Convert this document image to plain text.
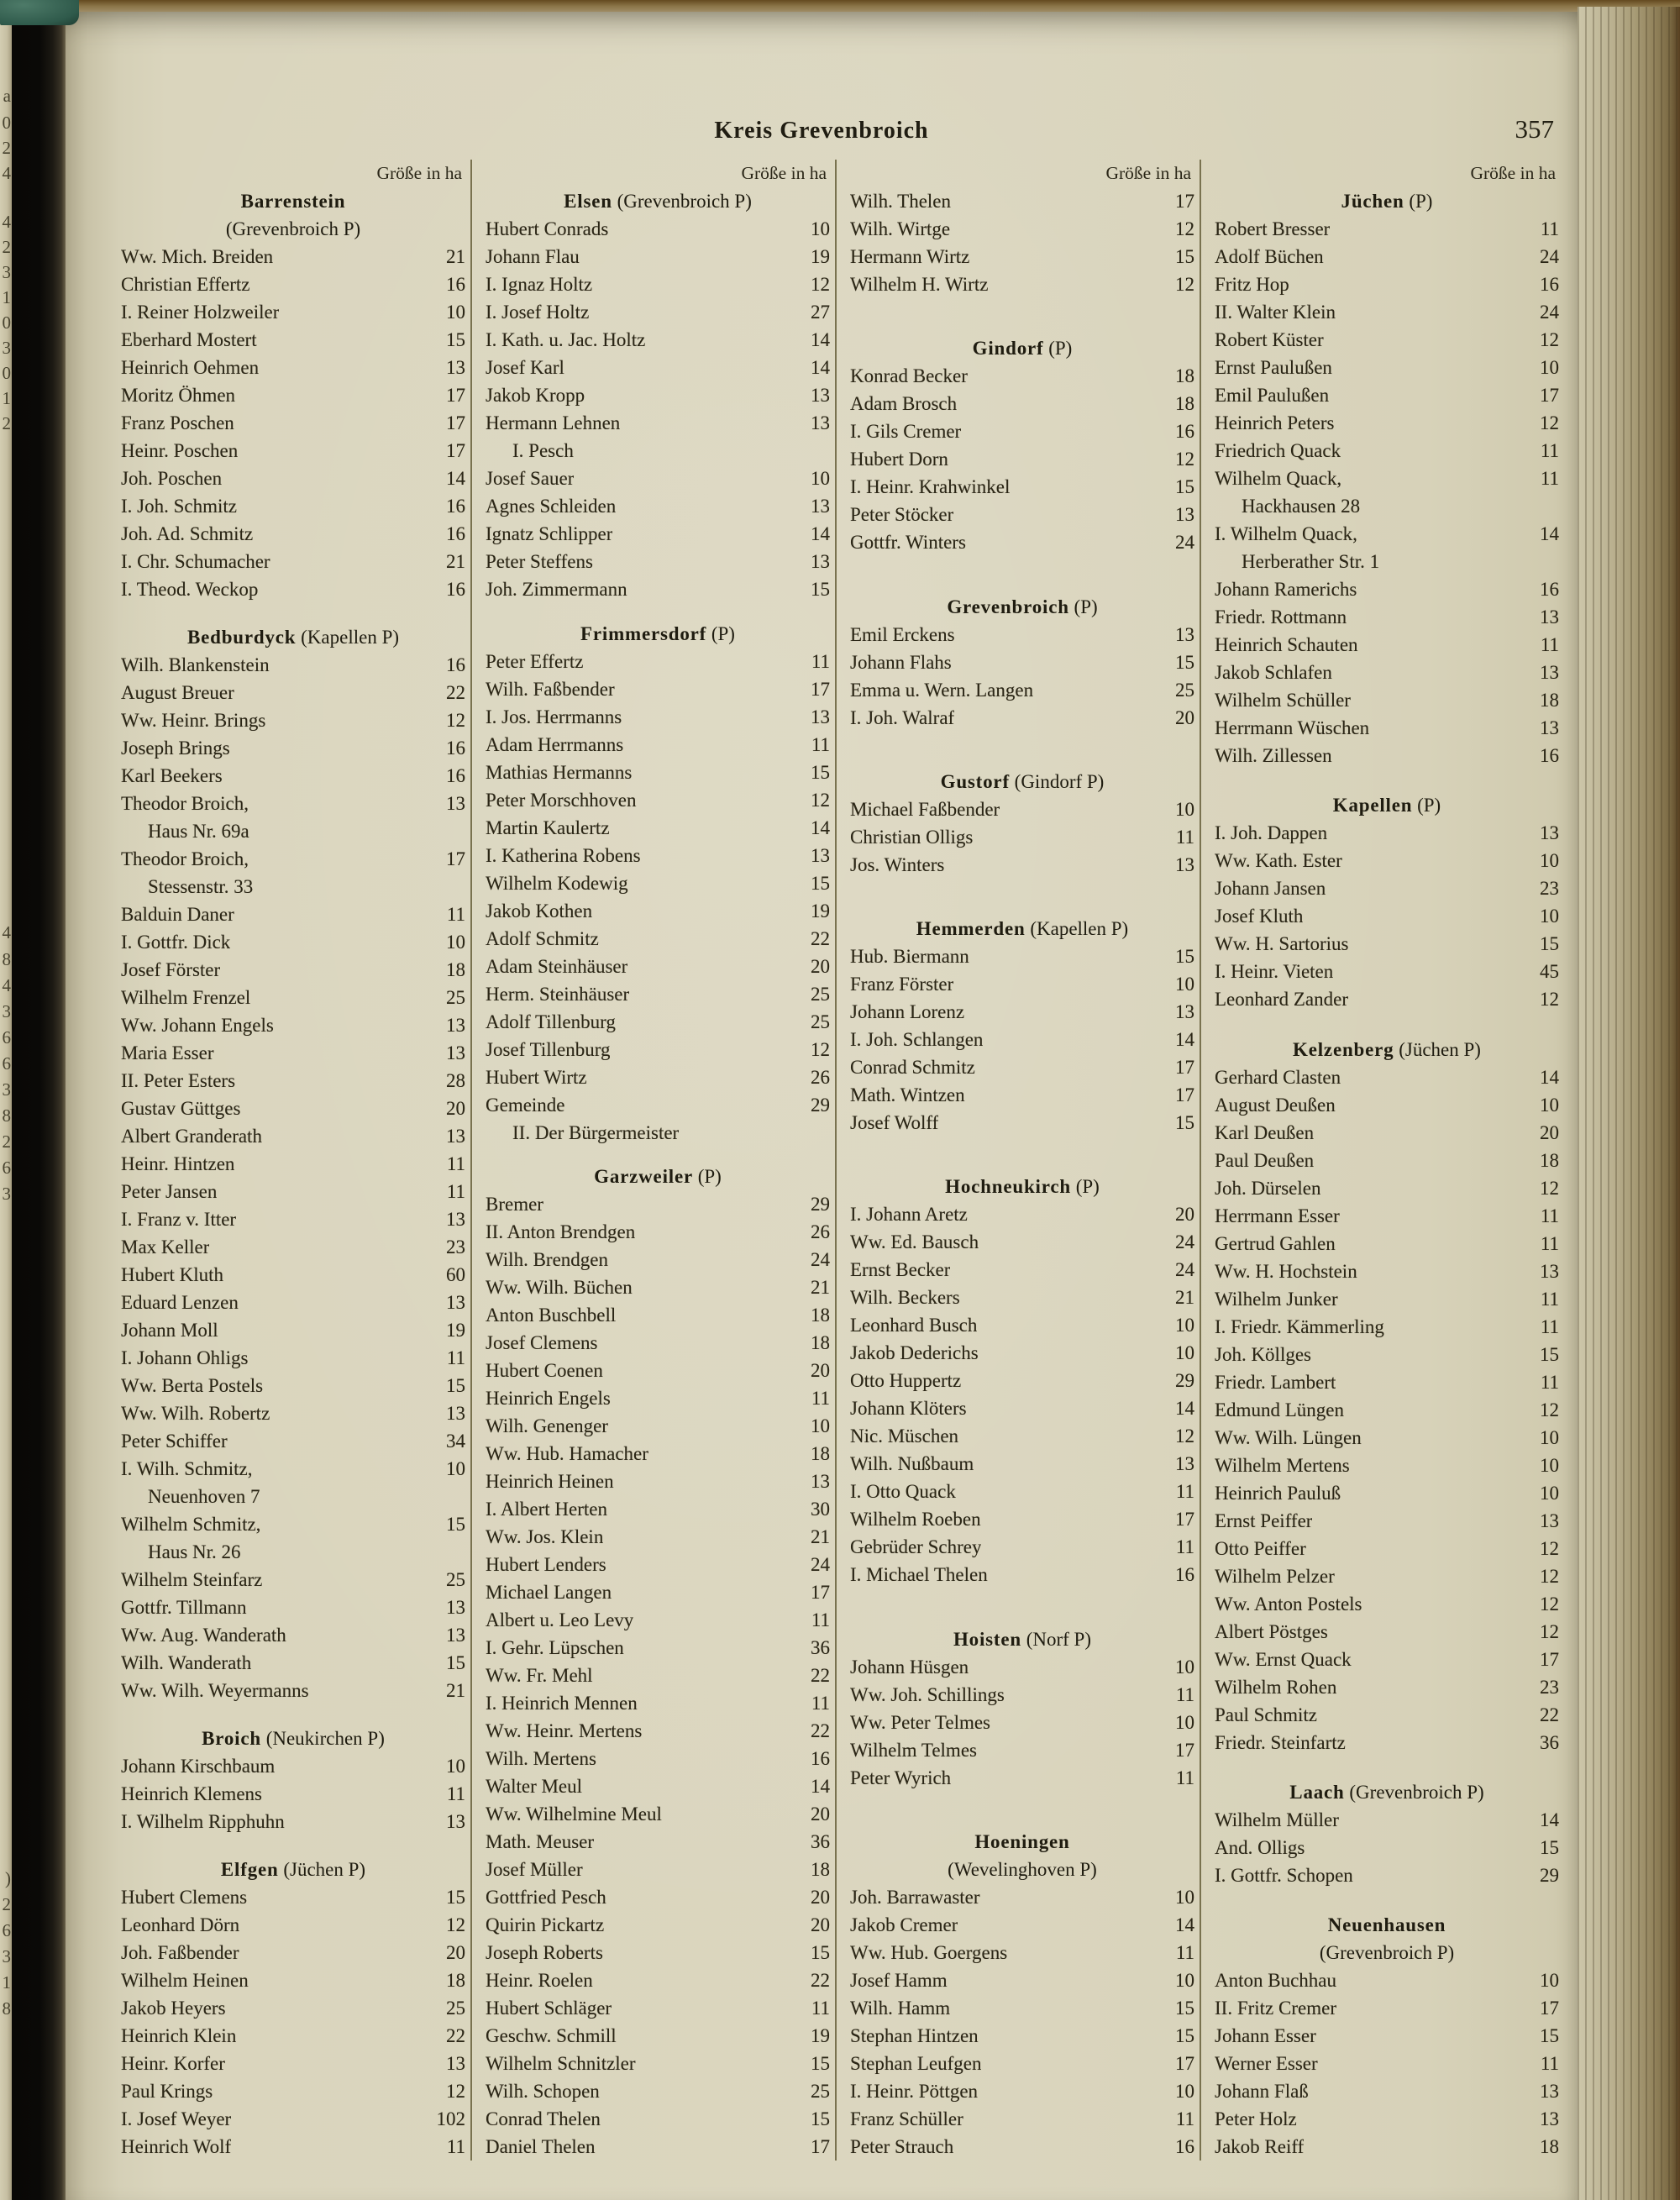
a
0
2
4
4
2
3
1
0
3
0
1
2
4
8
4
3
6
6
3
8
2
6
3
)
2
6
3
1
8
Kreis Grevenbroich	357
Größe in ha
Barrenstein
(Grevenbroich P)
Ww. Mich. Breiden	21
Christian Effertz	16
I. Reiner Holzweiler	10
Eberhard Mostert	15
Heinrich Oehmen	13
Moritz Öhmen	17
Franz Poschen	17
Heinr. Poschen	17
Joh. Poschen	14
I. Joh. Schmitz	16
Joh. Ad. Schmitz	16
I. Chr. Schumacher	21
I. Theod. Weckop	16
Bedburdyck (Kapellen P)
Wilh. Blankenstein	16
August Breuer	22
Ww. Heinr. Brings	12
Joseph Brings	16
Karl Beekers	16
Theodor Broich,	13
Haus Nr. 69a
Theodor Broich,	17
Stessenstr. 33
Balduin Daner	11
I. Gottfr. Dick	10
Josef Förster	18
Wilhelm Frenzel	25
Ww. Johann Engels	13
Maria Esser	13
II. Peter Esters	28
Gustav Güttges	20
Albert Granderath	13
Heinr. Hintzen	11
Peter Jansen	11
I. Franz v. Itter	13
Max Keller	23
Hubert Kluth	60
Eduard Lenzen	13
Johann Moll	19
I. Johann Ohligs	11
Ww. Berta Postels	15
Ww. Wilh. Robertz	13
Peter Schiffer	34
I. Wilh. Schmitz,	10
Neuenhoven 7
Wilhelm Schmitz,	15
Haus Nr. 26
Wilhelm Steinfarz	25
Gottfr. Tillmann	13
Ww. Aug. Wanderath	13
Wilh. Wanderath	15
Ww. Wilh. Weyermanns	21
Broich (Neukirchen P)
Johann Kirschbaum	10
Heinrich Klemens	11
I. Wilhelm Ripphuhn	13
Elfgen (Jüchen P)
Hubert Clemens	15
Leonhard Dörn	12
Joh. Faßbender	20
Wilhelm Heinen	18
Jakob Heyers	25
Heinrich Klein	22
Heinr. Korfer	13
Paul Krings	12
I. Josef Weyer	102
Heinrich Wolf	11
Größe in ha
Elsen (Grevenbroich P)
Hubert Conrads	10
Johann Flau	19
I. Ignaz Holtz	12
I. Josef Holtz	27
I. Kath. u. Jac. Holtz	14
Josef Karl	14
Jakob Kropp	13
Hermann Lehnen	13
I. Pesch
Josef Sauer	10
Agnes Schleiden	13
Ignatz Schlipper	14
Peter Steffens	13
Joh. Zimmermann	15
Frimmersdorf (P)
Peter Effertz	11
Wilh. Faßbender	17
I. Jos. Herrmanns	13
Adam Herrmanns	11
Mathias Hermanns	15
Peter Morschhoven	12
Martin Kaulertz	14
I. Katherina Robens	13
Wilhelm Kodewig	15
Jakob Kothen	19
Adolf Schmitz	22
Adam Steinhäuser	20
Herm. Steinhäuser	25
Adolf Tillenburg	25
Josef Tillenburg	12
Hubert Wirtz	26
Gemeinde	29
II. Der Bürgermeister
Garzweiler (P)
Bremer	29
II. Anton Brendgen	26
Wilh. Brendgen	24
Ww. Wilh. Büchen	21
Anton Buschbell	18
Josef Clemens	18
Hubert Coenen	20
Heinrich Engels	11
Wilh. Genenger	10
Ww. Hub. Hamacher	18
Heinrich Heinen	13
I. Albert Herten	30
Ww. Jos. Klein	21
Hubert Lenders	24
Michael Langen	17
Albert u. Leo Levy	11
I. Gehr. Lüpschen	36
Ww. Fr. Mehl	22
I. Heinrich Mennen	11
Ww. Heinr. Mertens	22
Wilh. Mertens	16
Walter Meul	14
Ww. Wilhelmine Meul	20
Math. Meuser	36
Josef Müller	18
Gottfried Pesch	20
Quirin Pickartz	20
Joseph Roberts	15
Heinr. Roelen	22
Hubert Schläger	11
Geschw. Schmill	19
Wilhelm Schnitzler	15
Wilh. Schopen	25
Conrad Thelen	15
Daniel Thelen	17
Größe in ha
Wilh. Thelen	17
Wilh. Wirtge	12
Hermann Wirtz	15
Wilhelm H. Wirtz	12
Gindorf (P)
Konrad Becker	18
Adam Brosch	18
I. Gils Cremer	16
Hubert Dorn	12
I. Heinr. Krahwinkel	15
Peter Stöcker	13
Gottfr. Winters	24
Grevenbroich (P)
Emil Erckens	13
Johann Flahs	15
Emma u. Wern. Langen	25
I. Joh. Walraf	20
Gustorf (Gindorf P)
Michael Faßbender	10
Christian Olligs	11
Jos. Winters	13
Hemmerden (Kapellen P)
Hub. Biermann	15
Franz Förster	10
Johann Lorenz	13
I. Joh. Schlangen	14
Conrad Schmitz	17
Math. Wintzen	17
Josef Wolff	15
Hochneukirch (P)
I. Johann Aretz	20
Ww. Ed. Bausch	24
Ernst Becker	24
Wilh. Beckers	21
Leonhard Busch	10
Jakob Dederichs	10
Otto Huppertz	29
Johann Klöters	14
Nic. Müschen	12
Wilh. Nußbaum	13
I. Otto Quack	11
Wilhelm Roeben	17
Gebrüder Schrey	11
I. Michael Thelen	16
Hoisten (Norf P)
Johann Hüsgen	10
Ww. Joh. Schillings	11
Ww. Peter Telmes	10
Wilhelm Telmes	17
Peter Wyrich	11
Hoeningen
(Wevelinghoven P)
Joh. Barrawaster	10
Jakob Cremer	14
Ww. Hub. Goergens	11
Josef Hamm	10
Wilh. Hamm	15
Stephan Hintzen	15
Stephan Leufgen	17
I. Heinr. Pöttgen	10
Franz Schüller	11
Peter Strauch	16
Größe in ha
Jüchen (P)
Robert Bresser	11
Adolf Büchen	24
Fritz Hop	16
II. Walter Klein	24
Robert Küster	12
Ernst Paulußen	10
Emil Paulußen	17
Heinrich Peters	12
Friedrich Quack	11
Wilhelm Quack,	11
Hackhausen 28
I. Wilhelm Quack,	14
Herberather Str. 1
Johann Ramerichs	16
Friedr. Rottmann	13
Heinrich Schauten	11
Jakob Schlafen	13
Wilhelm Schüller	18
Herrmann Wüschen	13
Wilh. Zillessen	16
Kapellen (P)
I. Joh. Dappen	13
Ww. Kath. Ester	10
Johann Jansen	23
Josef Kluth	10
Ww. H. Sartorius	15
I. Heinr. Vieten	45
Leonhard Zander	12
Kelzenberg (Jüchen P)
Gerhard Clasten	14
August Deußen	10
Karl Deußen	20
Paul Deußen	18
Joh. Dürselen	12
Herrmann Esser	11
Gertrud Gahlen	11
Ww. H. Hochstein	13
Wilhelm Junker	11
I. Friedr. Kämmerling	11
Joh. Köllges	15
Friedr. Lambert	11
Edmund Lüngen	12
Ww. Wilh. Lüngen	10
Wilhelm Mertens	10
Heinrich Pauluß	10
Ernst Peiffer	13
Otto Peiffer	12
Wilhelm Pelzer	12
Ww. Anton Postels	12
Albert Pöstges	12
Ww. Ernst Quack	17
Wilhelm Rohen	23
Paul Schmitz	22
Friedr. Steinfartz	36
Laach (Grevenbroich P)
Wilhelm Müller	14
And. Olligs	15
I. Gottfr. Schopen	29
Neuenhausen
(Grevenbroich P)
Anton Buchhau	10
II. Fritz Cremer	17
Johann Esser	15
Werner Esser	11
Johann Flaß	13
Peter Holz	13
Jakob Reiff	18
